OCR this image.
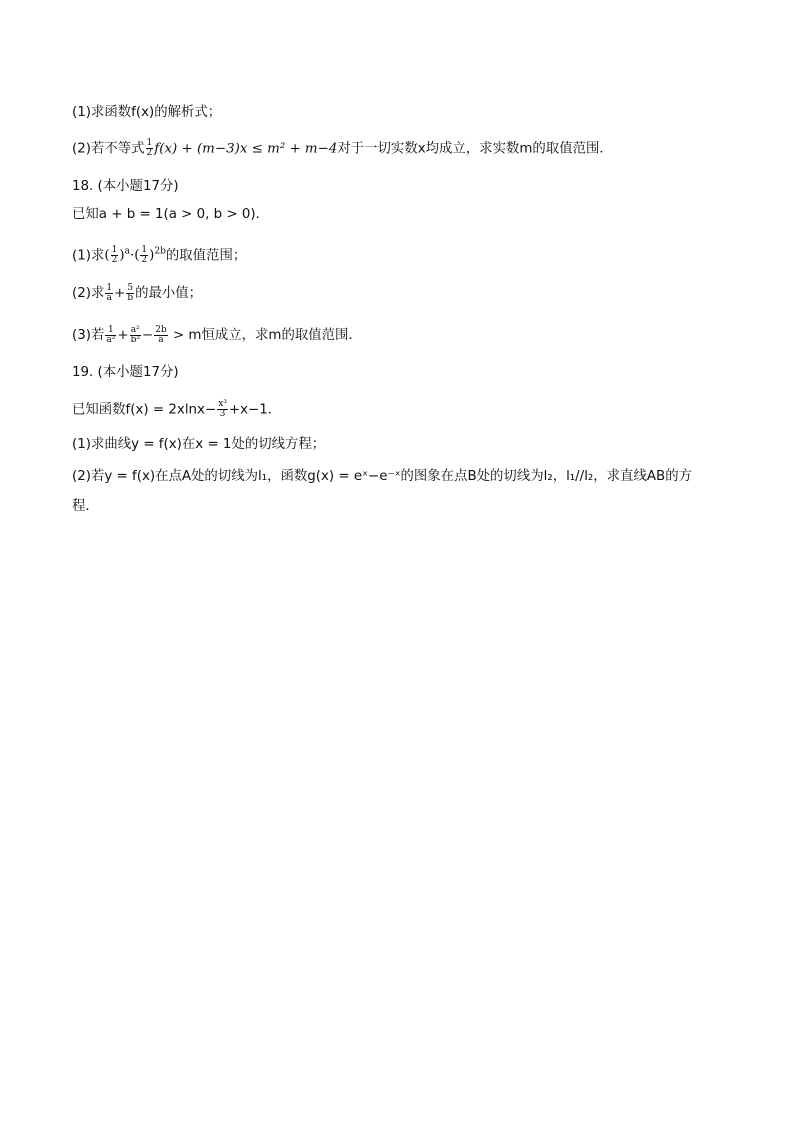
(1)求函数f(x)的解析式；
(2)若不等式 $\frac{1}{2} f(x) + (m-3)x \le m^2 + m-4$对于一切实数x均成立，求实数m的取值范围．
18. (本小题17分)
已知a + b = 1(a > 0, b > 0)．
(1)求( $\frac{1}{2} )^a\cdot( \frac{1}{2} )^{2b}$的取值范围；
(2)求 $\frac{1}{a} + \frac{5}{b}$ 的最小值；
(3)若 $\frac{1}{\text{a²}} + \frac{\text{a²}}{\text{b²}} - \frac{2b}{a} > m$恒成立，求m的取值范围．
19. (本小题17分)
已知函数$f(x) = 2xlnx- \frac{\text{x³}}{3} +x-1$．
(1)求曲线y = f(x)在x = 1处的切线方程；
(2)若y = f(x)在点A处的切线为l₁，函数g(x) = eˣ−e⁻ˣ的图象在点B处的切线为l₂，l₁//l₂，求直线AB的方
程．
